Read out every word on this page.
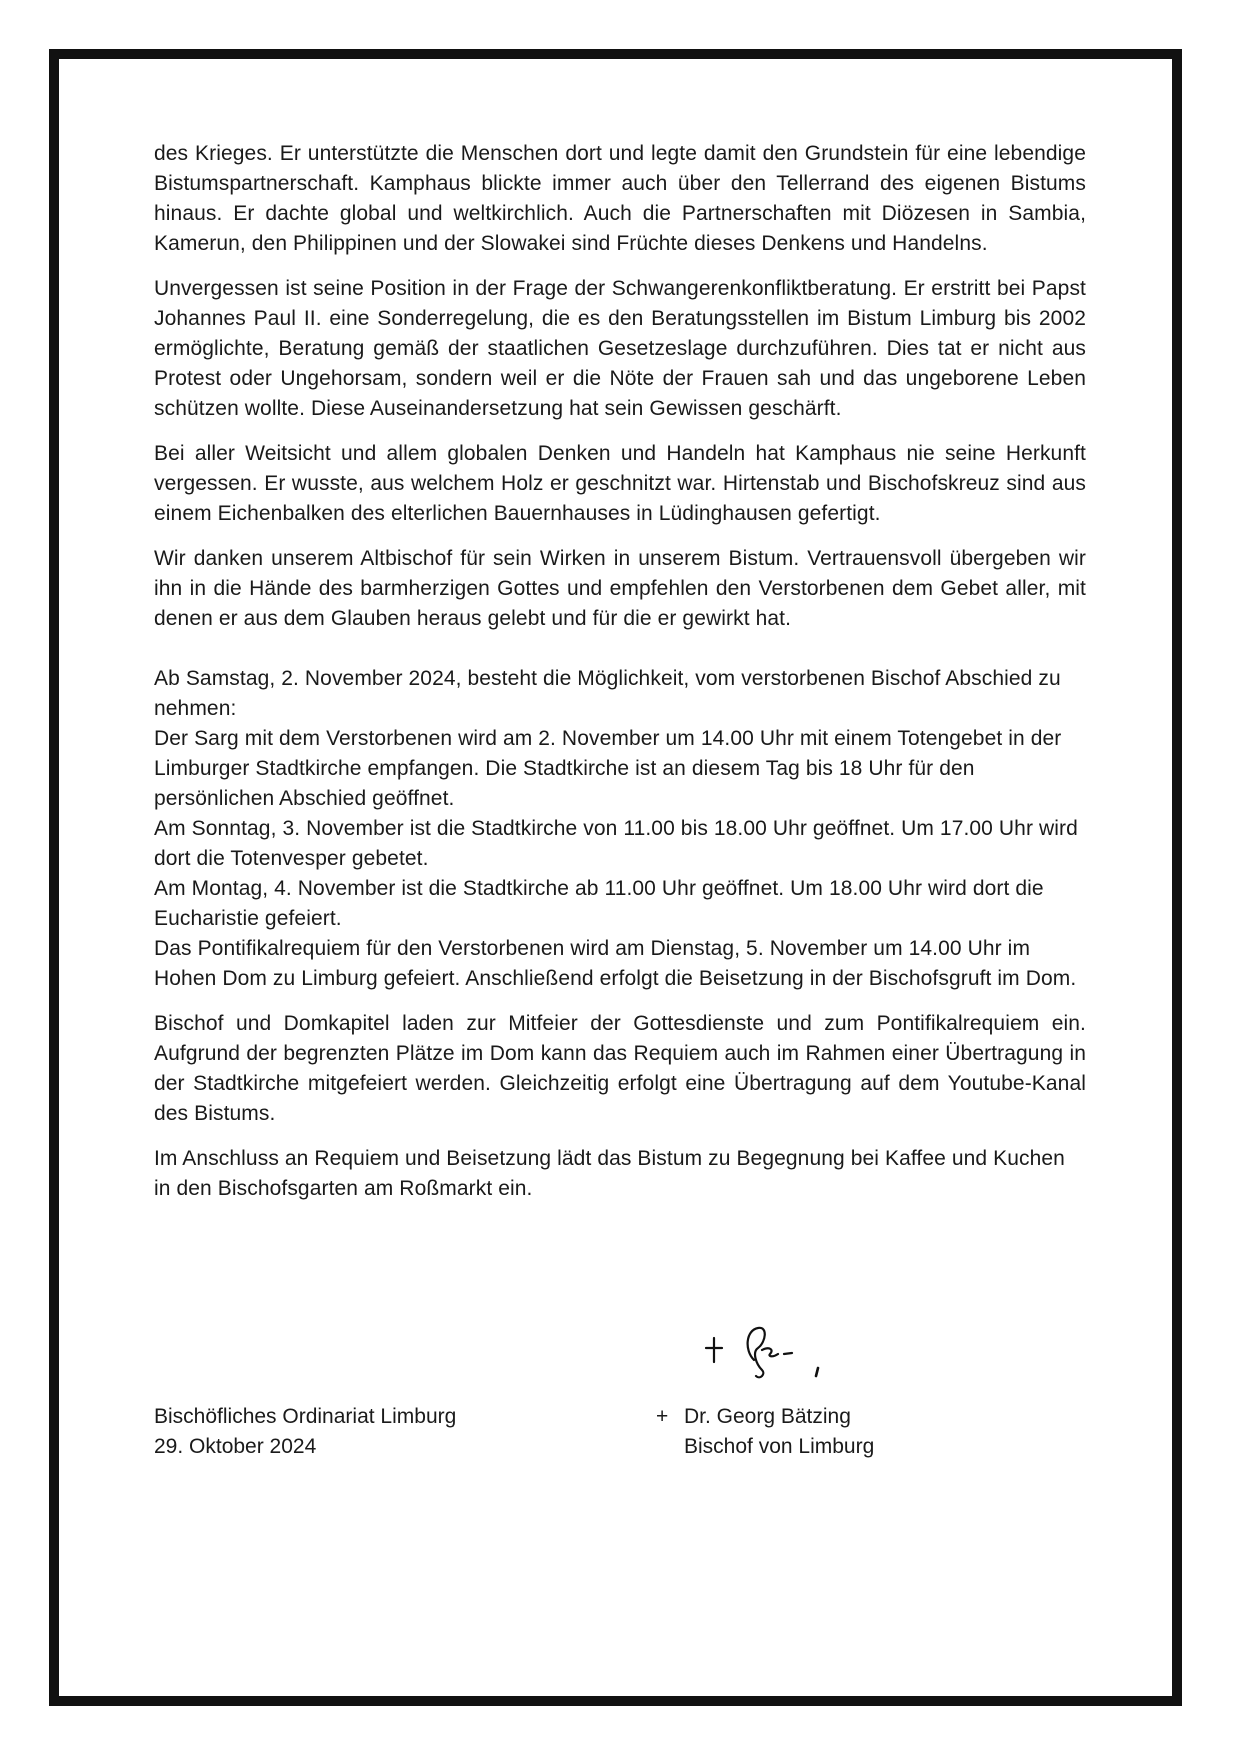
des Krieges. Er unterstützte die Menschen dort und legte damit den Grundstein für eine lebendige Bistumspartnerschaft. Kamphaus blickte immer auch über den Tellerrand des eigenen Bistums hinaus. Er dachte global und weltkirchlich. Auch die Partnerschaften mit Diözesen in Sambia, Kamerun, den Philippinen und der Slowakei sind Früchte dieses Denkens und Handelns.

Unvergessen ist seine Position in der Frage der Schwangerenkonfliktberatung. Er erstritt bei Papst Johannes Paul II. eine Sonderregelung, die es den Beratungsstellen im Bistum Limburg bis 2002 ermöglichte, Beratung gemäß der staatlichen Gesetzeslage durchzuführen. Dies tat er nicht aus Protest oder Ungehorsam, sondern weil er die Nöte der Frauen sah und das ungeborene Leben schützen wollte. Diese Auseinandersetzung hat sein Gewissen geschärft.

Bei aller Weitsicht und allem globalen Denken und Handeln hat Kamphaus nie seine Herkunft vergessen. Er wusste, aus welchem Holz er geschnitzt war. Hirtenstab und Bischofskreuz sind aus einem Eichenbalken des elterlichen Bauernhauses in Lüdinghausen gefertigt.

Wir danken unserem Altbischof für sein Wirken in unserem Bistum. Vertrauensvoll übergeben wir ihn in die Hände des barmherzigen Gottes und empfehlen den Verstorbenen dem Gebet aller, mit denen er aus dem Glauben heraus gelebt und für die er gewirkt hat.

Ab Samstag, 2. November 2024, besteht die Möglichkeit, vom verstorbenen Bischof Abschied zu nehmen:
Der Sarg mit dem Verstorbenen wird am 2. November um 14.00 Uhr mit einem Totengebet in der Limburger Stadtkirche empfangen. Die Stadtkirche ist an diesem Tag bis 18 Uhr für den persönlichen Abschied geöffnet.
Am Sonntag, 3. November ist die Stadtkirche von 11.00 bis 18.00 Uhr geöffnet. Um 17.00 Uhr wird dort die Totenvesper gebetet.
Am Montag, 4. November ist die Stadtkirche ab 11.00 Uhr geöffnet. Um 18.00 Uhr wird dort die Eucharistie gefeiert.
Das Pontifikalrequiem für den Verstorbenen wird am Dienstag, 5. November um 14.00 Uhr im Hohen Dom zu Limburg gefeiert. Anschließend erfolgt die Beisetzung in der Bischofsgruft im Dom.

Bischof und Domkapitel laden zur Mitfeier der Gottesdienste und zum Pontifikalrequiem ein. Aufgrund der begrenzten Plätze im Dom kann das Requiem auch im Rahmen einer Übertragung in der Stadtkirche mitgefeiert werden. Gleichzeitig erfolgt eine Übertragung auf dem Youtube-Kanal des Bistums.

Im Anschluss an Requiem und Beisetzung lädt das Bistum zu Begegnung bei Kaffee und Kuchen in den Bischofsgarten am Roßmarkt ein.

Bischöfliches Ordinariat Limburg
29. Oktober 2024
+ Dr. Georg Bätzing
Bischof von Limburg
